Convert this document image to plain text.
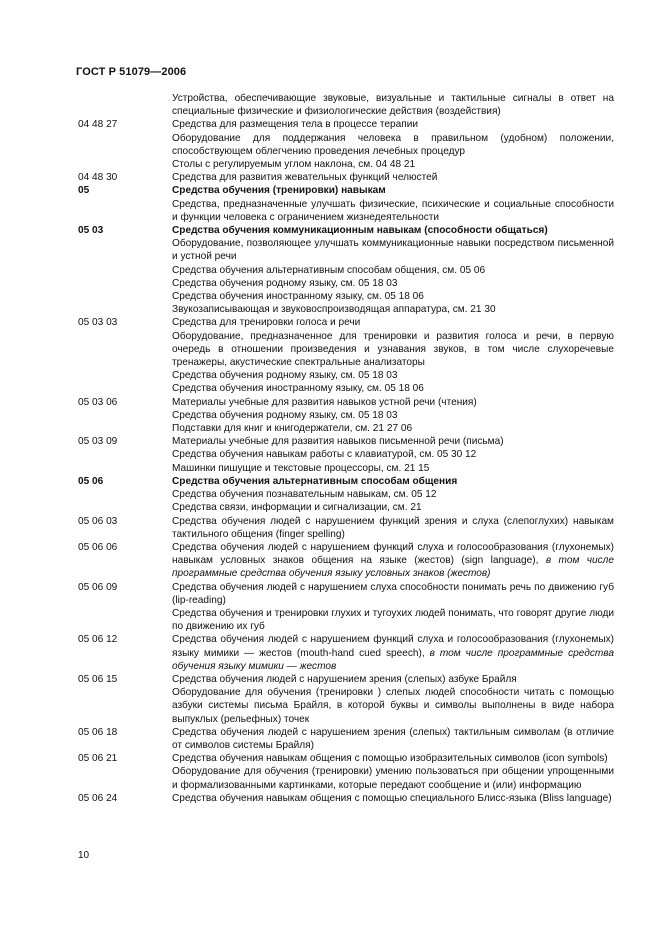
ГОСТ Р 51079—2006
Устройства, обеспечивающие звуковые, визуальные и тактильные сигналы в ответ на специальные физические и физиологические действия (воздействия)
04 48 27	Средства для размещения тела в процессе терапии
Оборудование для поддержания человека в правильном (удобном) положении, способствующем облегчению проведения лечебных процедур
Столы с регулируемым углом наклона, см. 04 48 21
04 48 30	Средства для развития жевательных функций челюстей
05	Средства обучения (тренировки) навыкам
Средства, предназначенные улучшать физические, психические и социальные способности и функции человека с ограничением жизнедеятельности
05 03	Средства обучения коммуникационным навыкам (способности общаться)
Оборудование, позволяющее улучшать коммуникационные навыки посредством письменной и устной речи
Средства обучения альтернативным способам общения, см. 05 06
Средства обучения родному языку, см. 05 18 03
Средства обучения иностранному языку, см. 05 18 06
Звукозаписывающая и звуковоспроизводящая аппаратура, см. 21 30
05 03 03	Средства для тренировки голоса и речи
Оборудование, предназначенное для тренировки и развития голоса и речи, в первую очередь в отношении произведения и узнавания звуков, в том числе слухоречевые тренажеры, акустические спектральные анализаторы
Средства обучения родному языку, см. 05 18 03
Средства обучения иностранному языку, см. 05 18 06
05 03 06	Материалы учебные для развития навыков устной речи (чтения)
Средства обучения родному языку, см. 05 18 03
Подставки для книг и книгодержатели, см. 21 27 06
05 03 09	Материалы учебные для развития навыков письменной речи (письма)
Средства обучения навыкам работы с клавиатурой, см. 05 30 12
Машинки пишущие и текстовые процессоры, см. 21 15
05 06	Средства обучения альтернативным способам общения
Средства обучения познавательным навыкам, см. 05 12
Средства связи, информации и сигнализации, см. 21
05 06 03	Средства обучения людей с нарушением функций зрения и слуха (слепоглухих) навыкам тактильного общения (finger spelling)
05 06 06	Средства обучения людей с нарушением функций слуха и голосообразования (глухонемых) навыкам условных знаков общения на языке (жестов) (sign language), в том числе программные средства обучения языку условных знаков (жестов)
05 06 09	Средства обучения людей с нарушением слуха способности понимать речь по движению губ (lip-reading)
Средства обучения и тренировки глухих и тугоухих людей понимать, что говорят другие люди по движению их губ
05 06 12	Средства обучения людей с нарушением функций слуха и голосообразования (глухонемых) языку мимики — жестов (mouth-hand cued speech), в том числе программные средства обучения языку мимики — жестов
05 06 15	Средства обучения людей с нарушением зрения (слепых) азбуке Брайля
Оборудование для обучения (тренировки ) слепых людей способности читать с помощью азбуки системы письма Брайля, в которой буквы и символы выполнены в виде набора выпуклых (рельефных) точек
05 06 18	Средства обучения людей с нарушением зрения (слепых) тактильным символам (в отличие от символов системы Брайля)
05 06 21	Средства обучения навыкам общения с помощью изобразительных символов (icon symbols)
Оборудование для обучения (тренировки) умению пользоваться при общении упрощенными и формализованными картинками, которые передают сообщение и (или) информацию
05 06 24	Средства обучения навыкам общения с помощью специального Блисс-языка (Bliss language)
10
